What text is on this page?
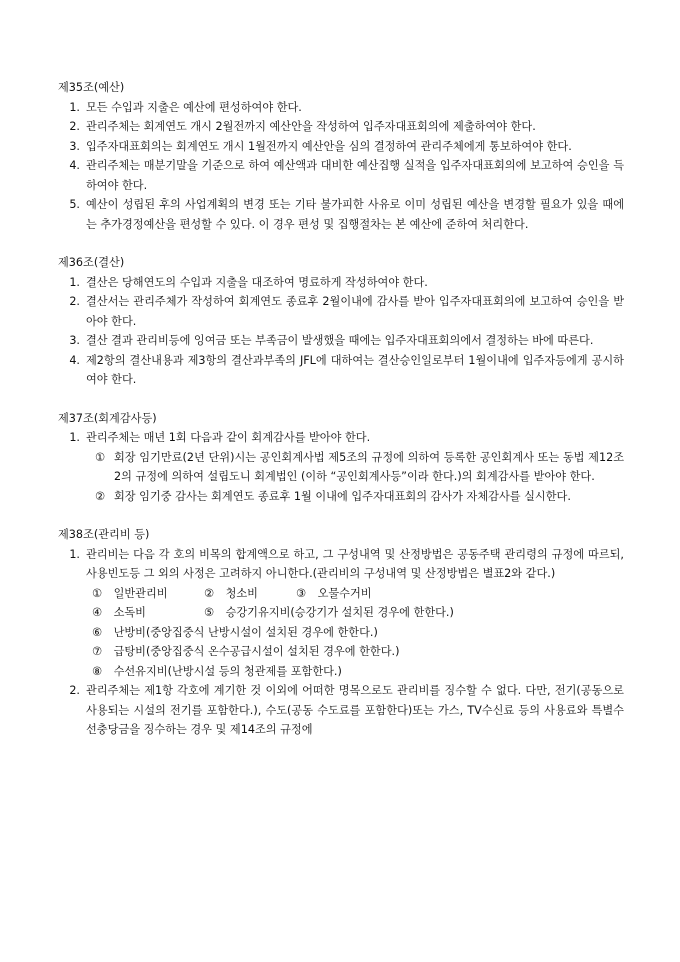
제35조(예산)
1. 모든 수입과 지출은 예산에 편성하여야 한다.
2. 관리주체는 회계연도 개시 2월전까지 예산안을 작성하여 입주자대표회의에 제출하여야 한다.
3. 입주자대표회의는 회계연도 개시 1월전까지 예산안을 심의 결정하여 관리주체에게 통보하여야 한다.
4. 관리주체는 매분기말을 기준으로 하여 예산액과 대비한 예산집행 실적을 입주자대표회의에 보고하여 승인을 득하여야 한다.
5. 예산이 성립된 후의 사업계획의 변경 또는 기타 불가피한 사유로 이미 성립된 예산을 변경할 필요가 있을 때에는 추가경정예산을 편성할 수 있다. 이 경우 편성 및 집행절차는 본 예산에 준하여 처리한다.
제36조(결산)
1. 결산은 당해연도의 수입과 지출을 대조하여 명료하게 작성하여야 한다.
2. 결산서는 관리주체가 작성하여 회계연도 종료후 2월이내에 감사를 받아 입주자대표회의에 보고하여 승인을 받아야 한다.
3. 결산 결과 관리비등에 잉여금 또는 부족금이 발생했을 때에는 입주자대표회의에서 결정하는 바에 따른다.
4. 제2항의 결산내용과 제3항의 결산과부족의 JFL에 대하여는 결산승인일로부터 1월이내에 입주자등에게 공시하여야 한다.
제37조(회계감사등)
1. 관리주체는 매년 1회 다음과 같이 회계감사를 받아야 한다.
① 회장 임기만료(2년 단위)시는 공인회계사법 제5조의 규정에 의하여 등록한 공인회계사 또는 동법 제12조2의 규정에 의하여 설립도니 회계법인 (이하 “공인회계사등”이라 한다.)의 회계감사를 받아야 한다.
② 회장 임기중 감사는 회계연도 종료후 1월 이내에 입주자대표회의 감사가 자체감사를 실시한다.
제38조(관리비 등)
1. 관리비는 다음 각 호의 비목의 합계액으로 하고, 그 구성내역 및 산정방법은 공동주택 관리령의 규정에 따르되, 사용빈도등 그 외의 사정은 고려하지 아니한다.(관리비의 구성내역 및 산정방법은 별표2와 같다.)
① 일반관리비	② 청소비	③ 오물수거비
④ 소독비	⑤ 승강기유지비(승강기가 설치된 경우에 한한다.)
⑥ 난방비(중앙집중식 난방시설이 설치된 경우에 한한다.)
⑦ 급탕비(중앙집중식 온수공급시설이 설치된 경우에 한한다.)
⑧ 수선유지비(난방시설 등의 청관제를 포함한다.)
2. 관리주체는 제1항 각호에 계기한 것 이외에 어떠한 명목으로도 관리비를 징수할 수 없다. 다만, 전기(공동으로 사용되는 시설의 전기를 포함한다.), 수도(공동 수도료를 포함한다)또는 가스, TV수신료 등의 사용료와 특별수선충당금을 징수하는 경우 및 제14조의 규정에
